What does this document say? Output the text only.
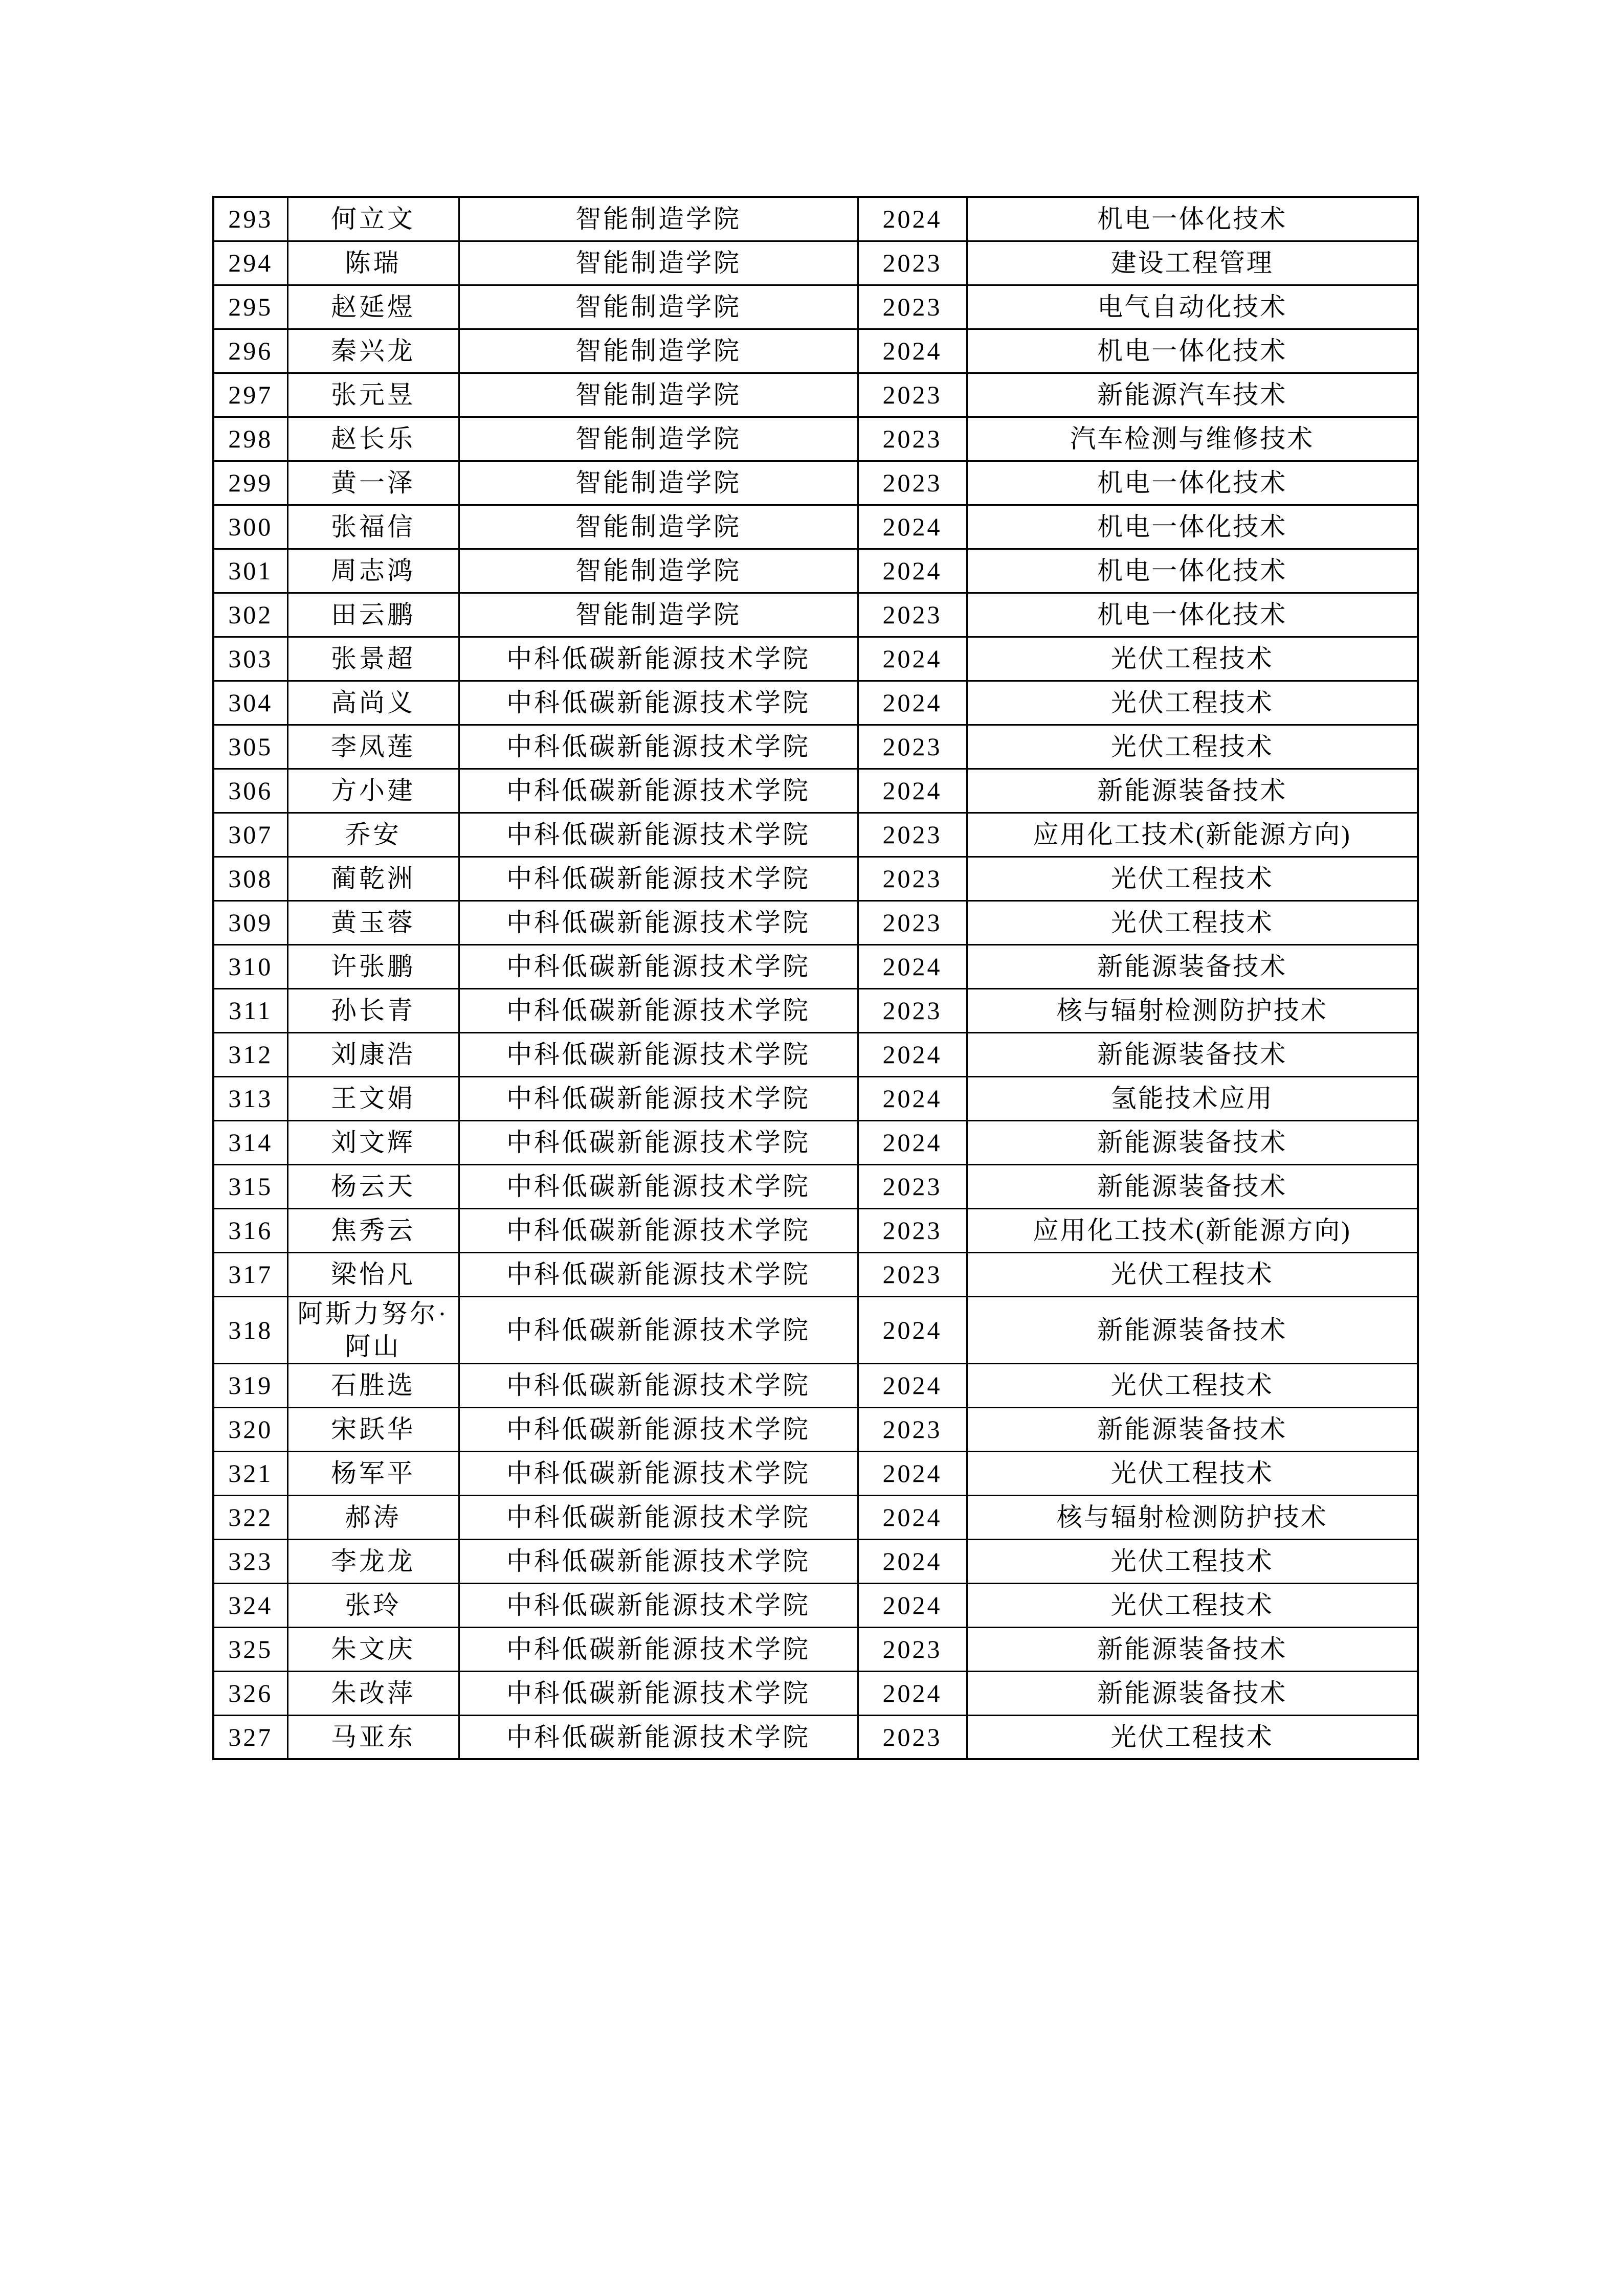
293	何立文	智能制造学院	2024	机电一体化技术
294	陈瑞	智能制造学院	2023	建设工程管理
295	赵延煜	智能制造学院	2023	电气自动化技术
296	秦兴龙	智能制造学院	2024	机电一体化技术
297	张元昱	智能制造学院	2023	新能源汽车技术
298	赵长乐	智能制造学院	2023	汽车检测与维修技术
299	黄一泽	智能制造学院	2023	机电一体化技术
300	张福信	智能制造学院	2024	机电一体化技术
301	周志鸿	智能制造学院	2024	机电一体化技术
302	田云鹏	智能制造学院	2023	机电一体化技术
303	张景超	中科低碳新能源技术学院	2024	光伏工程技术
304	高尚义	中科低碳新能源技术学院	2024	光伏工程技术
305	李凤莲	中科低碳新能源技术学院	2023	光伏工程技术
306	方小建	中科低碳新能源技术学院	2024	新能源装备技术
307	乔安	中科低碳新能源技术学院	2023	应用化工技术(新能源方向)
308	蔺乾洲	中科低碳新能源技术学院	2023	光伏工程技术
309	黄玉蓉	中科低碳新能源技术学院	2023	光伏工程技术
310	许张鹏	中科低碳新能源技术学院	2024	新能源装备技术
311	孙长青	中科低碳新能源技术学院	2023	核与辐射检测防护技术
312	刘康浩	中科低碳新能源技术学院	2024	新能源装备技术
313	王文娟	中科低碳新能源技术学院	2024	氢能技术应用
314	刘文辉	中科低碳新能源技术学院	2024	新能源装备技术
315	杨云天	中科低碳新能源技术学院	2023	新能源装备技术
316	焦秀云	中科低碳新能源技术学院	2023	应用化工技术(新能源方向)
317	梁怡凡	中科低碳新能源技术学院	2023	光伏工程技术
318	阿斯力努尔·阿山	中科低碳新能源技术学院	2024	新能源装备技术
319	石胜选	中科低碳新能源技术学院	2024	光伏工程技术
320	宋跃华	中科低碳新能源技术学院	2023	新能源装备技术
321	杨军平	中科低碳新能源技术学院	2024	光伏工程技术
322	郝涛	中科低碳新能源技术学院	2024	核与辐射检测防护技术
323	李龙龙	中科低碳新能源技术学院	2024	光伏工程技术
324	张玲	中科低碳新能源技术学院	2024	光伏工程技术
325	朱文庆	中科低碳新能源技术学院	2023	新能源装备技术
326	朱改萍	中科低碳新能源技术学院	2024	新能源装备技术
327	马亚东	中科低碳新能源技术学院	2023	光伏工程技术
